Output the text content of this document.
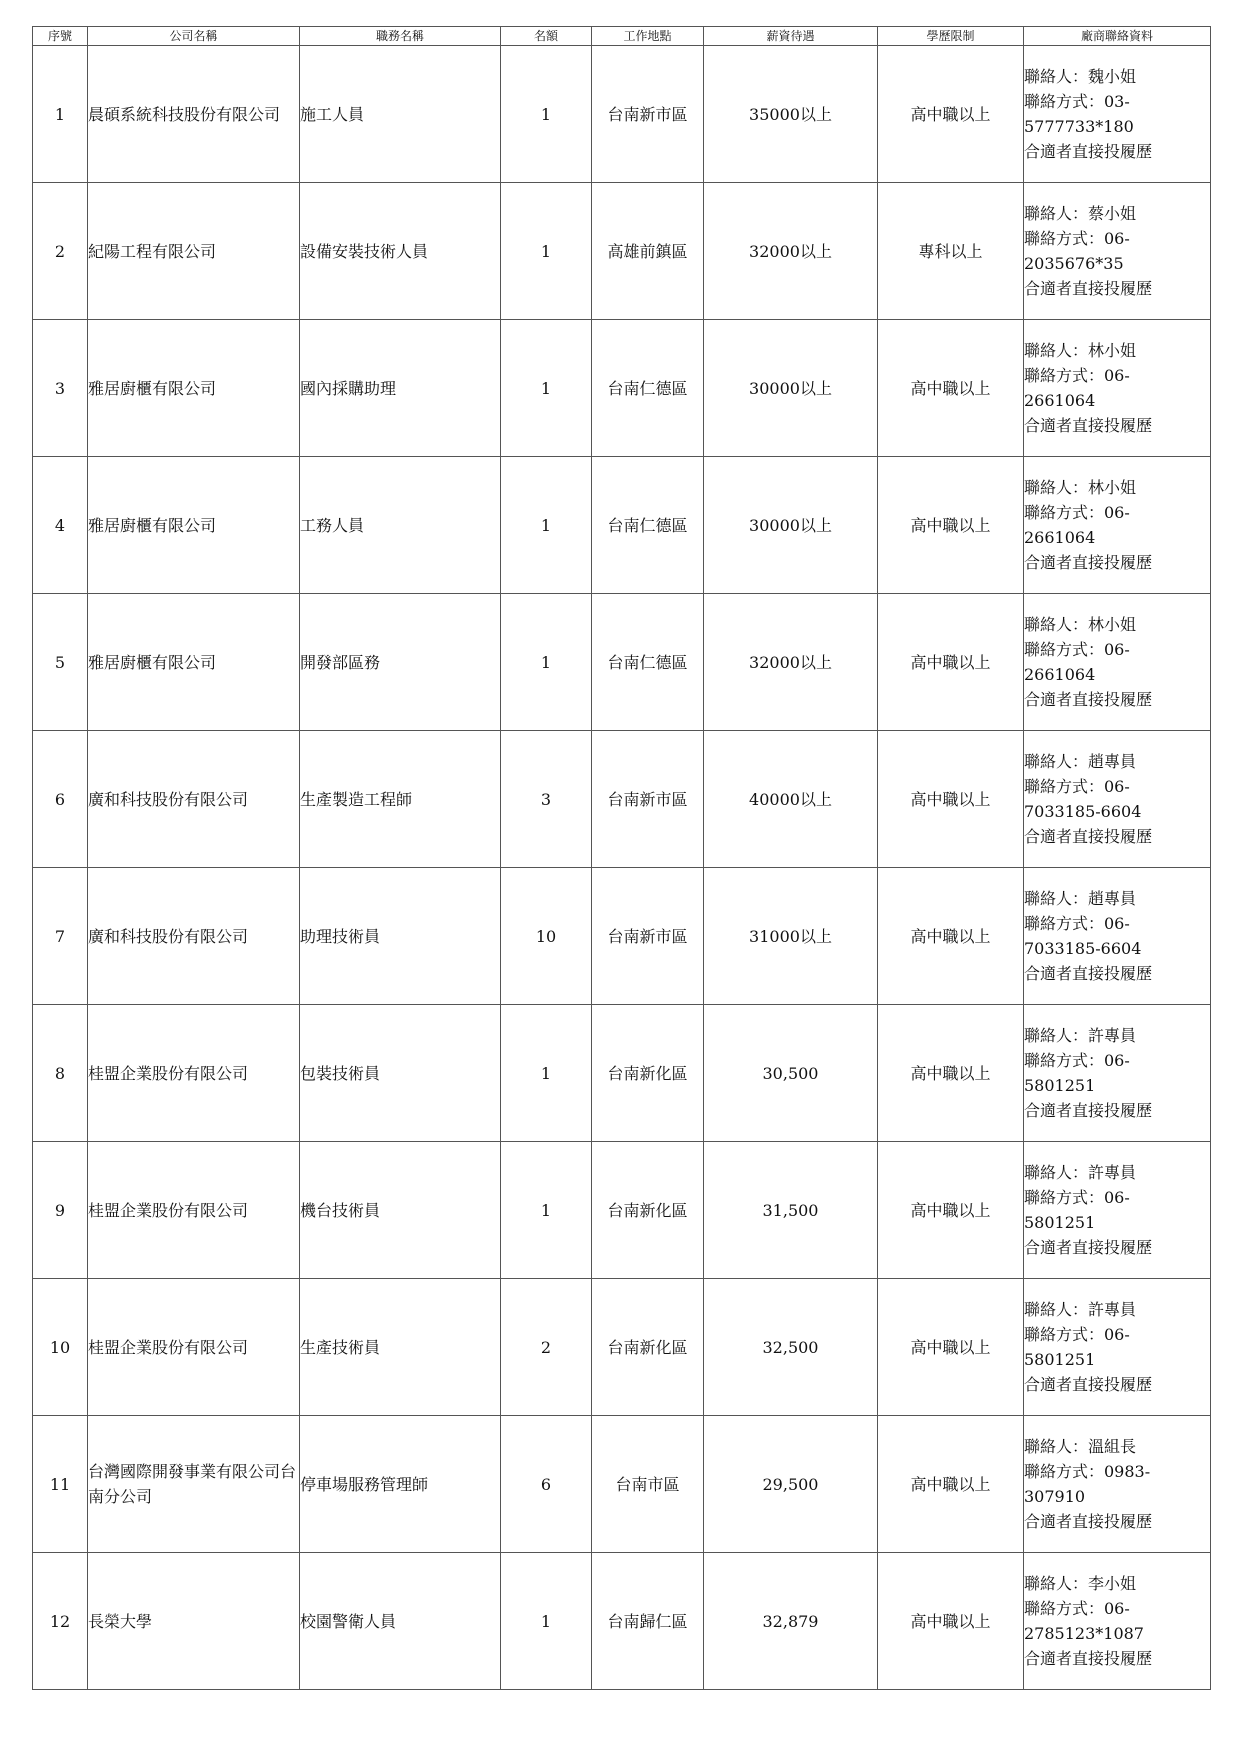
序號	公司名稱	職務名稱	名額	工作地點	薪資待遇	學歷限制	廠商聯絡資料
1	晨碩系統科技股份有限公司	施工人員	1	台南新市區	35000以上	高中職以上	聯絡人：魏小姐
聯絡方式：03-
5777733*180
合適者直接投履歷

2	紀陽工程有限公司	設備安裝技術人員	1	高雄前鎮區	32000以上	專科以上	聯絡人：蔡小姐
聯絡方式：06-
2035676*35
合適者直接投履歷

3	雅居廚櫃有限公司	國內採購助理	1	台南仁德區	30000以上	高中職以上	聯絡人：林小姐
聯絡方式：06-
2661064
合適者直接投履歷

4	雅居廚櫃有限公司	工務人員	1	台南仁德區	30000以上	高中職以上	聯絡人：林小姐
聯絡方式：06-
2661064
合適者直接投履歷

5	雅居廚櫃有限公司	開發部區務	1	台南仁德區	32000以上	高中職以上	聯絡人：林小姐
聯絡方式：06-
2661064
合適者直接投履歷

6	廣和科技股份有限公司	生產製造工程師	3	台南新市區	40000以上	高中職以上	聯絡人：趙專員
聯絡方式：06-
7033185-6604
合適者直接投履歷

7	廣和科技股份有限公司	助理技術員	10	台南新市區	31000以上	高中職以上	聯絡人：趙專員
聯絡方式：06-
7033185-6604
合適者直接投履歷

8	桂盟企業股份有限公司	包裝技術員	1	台南新化區	30,500	高中職以上	聯絡人：許專員
聯絡方式：06-
5801251
合適者直接投履歷

9	桂盟企業股份有限公司	機台技術員	1	台南新化區	31,500	高中職以上	聯絡人：許專員
聯絡方式：06-
5801251
合適者直接投履歷

10	桂盟企業股份有限公司	生產技術員	2	台南新化區	32,500	高中職以上	聯絡人：許專員
聯絡方式：06-
5801251
合適者直接投履歷

11	台灣國際開發事業有限公司台南分公司	停車場服務管理師	6	台南市區	29,500	高中職以上	聯絡人：溫組長
聯絡方式：0983-
307910
合適者直接投履歷

12	長榮大學	校園警衛人員	1	台南歸仁區	32,879	高中職以上	聯絡人：李小姐
聯絡方式：06-
2785123*1087
合適者直接投履歷
